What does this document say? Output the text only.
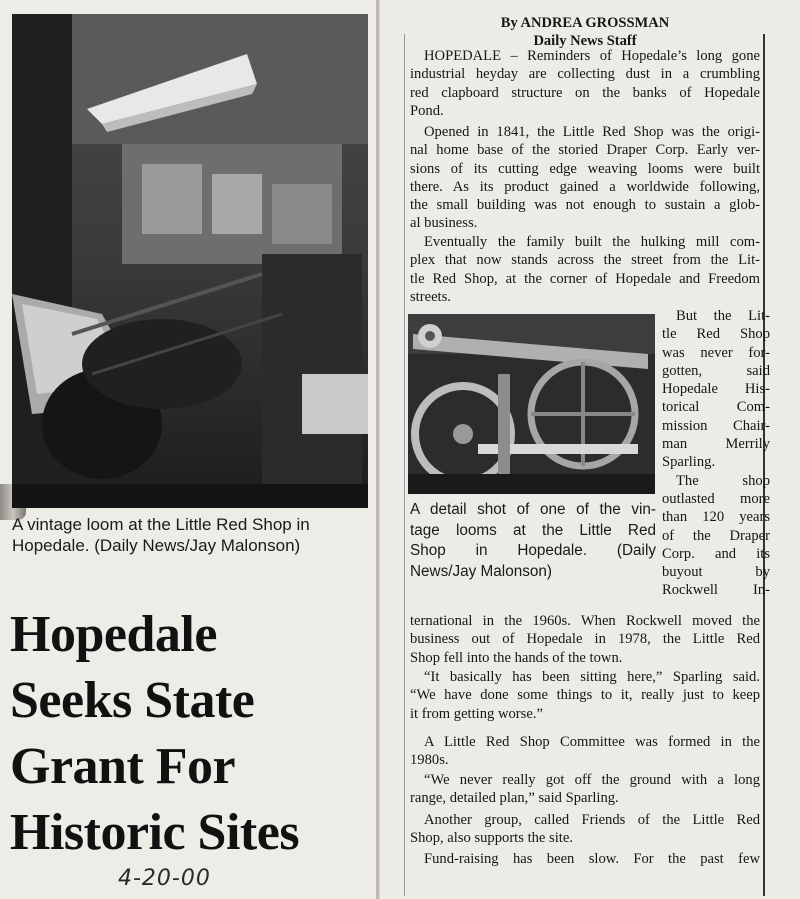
A vintage loom at the Little Red Shop in Hopedale. (Daily News/Jay Malonson)
Hopedale
Seeks State
Grant For
Historic Sites
4-20-00
By ANDREA GROSSMAN
Daily News Staff
HOPEDALE – Reminders of Hopedale’s long gone
industrial heyday are collecting dust in a crumbling
red clapboard structure on the banks of Hopedale
Pond.
Opened in 1841, the Little Red Shop was the origi-
nal home base of the storied Draper Corp. Early ver-
sions of its cutting edge weaving looms were built
there. As its product gained a worldwide following,
the small building was not enough to sustain a glob-
al business.
Eventually the family built the hulking mill com-
plex that now stands across the street from the Lit-
tle Red Shop, at the corner of Hopedale and Freedom
streets.
A detail shot of one of the vin-
tage looms at the Little Red
Shop in Hopedale. (Daily
News/Jay Malonson)
But the Lit-
tle Red Shop
was never for-
gotten, said
Hopedale His-
torical Com-
mission Chair-
man Merrily
Sparling.
The shop
outlasted more
than 120 years
of the Draper
Corp. and its
buyout by
Rockwell In-
ternational in the 1960s. When Rockwell moved the
business out of Hopedale in 1978, the Little Red
Shop fell into the hands of the town.
“It basically has been sitting here,” Sparling said.
“We have done some things to it, really just to keep
it from getting worse.”
A Little Red Shop Committee was formed in the
1980s.
“We never really got off the ground with a long
range, detailed plan,” said Sparling.
Another group, called Friends of the Little Red
Shop, also supports the site.
Fund-raising has been slow. For the past few
